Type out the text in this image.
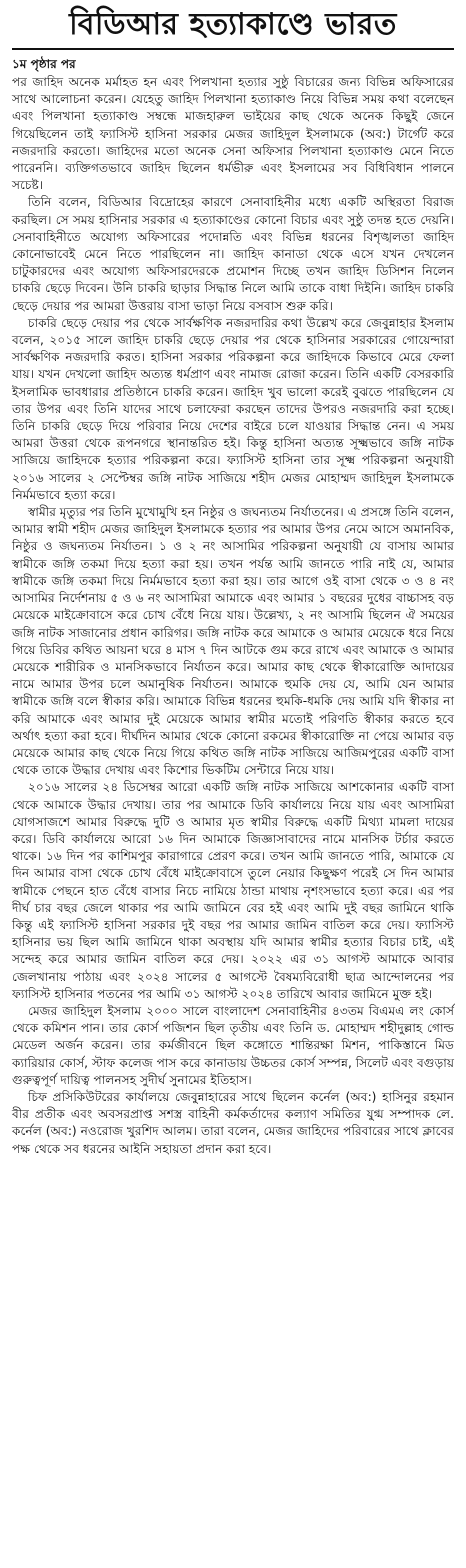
বিডিআর হত্যাকাণ্ডে ভারত
১ম পৃষ্ঠার পর

পর জাহিদ অনেক মর্মাহত হন এবং পিলখানা হত্যার সুষ্ঠু বিচারের জন্য বিভিন্ন অফিসারের সাথে আলোচনা করেন। যেহেতু জাহিদ পিলখানা হত্যাকাণ্ড নিয়ে বিভিন্ন সময় কথা বলেছেন এবং পিলখানা হত্যাকাণ্ড সম্বন্ধে মাজহারুল ভাইয়ের কাছ থেকে অনেক কিছুই জেনে গিয়েছিলেন তাই ফ্যাসিস্ট হাসিনা সরকার মেজর জাহিদুল ইসলামকে (অব:) টার্গেট করে নজরদারি করতো। জাহিদের মতো অনেক সেনা অফিসার পিলখানা হত্যাকাণ্ড মেনে নিতে পারেননি। ব্যক্তিগতভাবে জাহিদ ছিলেন ধর্মভীরু এবং ইসলামের সব বিধিবিধান পালনে সচেষ্ট।

তিনি বলেন, বিডিআর বিদ্রোহের কারণে সেনাবাহিনীর মধ্যে একটি অস্থিরতা বিরাজ করছিল। সে সময় হাসিনার সরকার এ হত্যাকাণ্ডের কোনো বিচার এবং সুষ্ঠু তদন্ত হতে দেয়নি। সেনাবাহিনীতে অযোগ্য অফিসারের পদোন্নতি এবং বিভিন্ন ধরনের বিশৃঙ্খলতা জাহিদ কোনোভাবেই মেনে নিতে পারছিলেন না। জাহিদ কানাডা থেকে এসে যখন দেখলেন চাটুকারদের এবং অযোগ্য অফিসারদেরকে প্রমোশন দিচ্ছে তখন জাহিদ ডিসিশন নিলেন চাকরি ছেড়ে দিবেন। উনি চাকরি ছাড়ার সিদ্ধান্ত নিলে আমি তাকে বাধা দিইনি। জাহিদ চাকরি ছেড়ে দেয়ার পর আমরা উত্তরায় বাসা ভাড়া নিয়ে বসবাস শুরু করি।

চাকরি ছেড়ে দেয়ার পর থেকে সার্বক্ষণিক নজরদারির কথা উল্লেখ করে জেবুন্নাহার ইসলাম বলেন, ২০১৫ সালে জাহিদ চাকরি ছেড়ে দেয়ার পর থেকে হাসিনার সরকারের গোয়েন্দারা সার্বক্ষণিক নজরদারি করত। হাসিনা সরকার পরিকল্পনা করে জাহিদকে কিভাবে মেরে ফেলা যায়। যখন দেখলো জাহিদ অত্যন্ত ধর্মপ্রাণ এবং নামাজ রোজা করেন। তিনি একটি বেসরকারি ইসলামিক ভাবধারার প্রতিষ্ঠানে চাকরি করেন। জাহিদ খুব ভালো করেই বুঝতে পারছিলেন যে তার উপর এবং তিনি যাদের সাথে চলাফেরা করছেন তাদের উপরও নজরদারি করা হচ্ছে। তিনি চাকরি ছেড়ে দিয়ে পরিবার নিয়ে দেশের বাইরে চলে যাওয়ার সিদ্ধান্ত নেন। এ সময় আমরা উত্তরা থেকে রূপনগরে স্থানান্তরিত হই। কিন্তু হাসিনা অত্যন্ত সূক্ষ্মভাবে জঙ্গি নাটক সাজিয়ে জাহিদকে হত্যার পরিকল্পনা করে। ফ্যাসিস্ট হাসিনা তার সূক্ষ্ম পরিকল্পনা অনুযায়ী ২০১৬ সালের ২ সেপ্টেম্বর জঙ্গি নাটক সাজিয়ে শহীদ মেজর মোহাম্মদ জাহিদুল ইসলামকে নির্মমভাবে হত্যা করে।

স্বামীর মৃত্যুর পর তিনি মুখোমুখি হন নিষ্ঠুর ও জঘন্যতম নির্যাতনের। এ প্রসঙ্গে তিনি বলেন, আমার স্বামী শহীদ মেজর জাহিদুল ইসলামকে হত্যার পর আমার উপর নেমে আসে অমানবিক, নিষ্ঠুর ও জঘন্যতম নির্যাতন। ১ ও ২ নং আসামির পরিকল্পনা অনুযায়ী যে বাসায় আমার স্বামীকে জঙ্গি তকমা দিয়ে হত্যা করা হয়। তখন পর্যন্ত আমি জানতে পারি নাই যে, আমার স্বামীকে জঙ্গি তকমা দিয়ে নির্মমভাবে হত্যা করা হয়। তার আগে ওই বাসা থেকে ৩ ও ৪ নং আসামির নির্দেশনায় ৫ ও ৬ নং আসামিরা আমাকে এবং আমার ১ বছরের দুধের বাচ্চাসহ বড় মেয়েকে মাইক্রোবাসে করে চোখ বেঁধে নিয়ে যায়। উল্লেখ্য, ২ নং আসামি ছিলেন ঐ সময়ের জঙ্গি নাটক সাজানোর প্রধান কারিগর। জঙ্গি নাটক করে আমাকে ও আমার মেয়েকে ধরে নিয়ে গিয়ে ডিবির কথিত আয়না ঘরে ৪ মাস ৭ দিন আটকে গুম করে রাখে এবং আমাকে ও আমার মেয়েকে শারীরিক ও মানসিকভাবে নির্যাতন করে। আমার কাছ থেকে স্বীকারোক্তি আদায়ের নামে আমার উপর চলে অমানুষিক নির্যাতন। আমাকে হুমকি দেয় যে, আমি যেন আমার স্বামীকে জঙ্গি বলে স্বীকার করি। আমাকে বিভিন্ন ধরনের হুমকি-ধমকি দেয় আমি যদি স্বীকার না করি আমাকে এবং আমার দুই মেয়েকে আমার স্বামীর মতোই পরিণতি স্বীকার করতে হবে অর্থাৎ হত্যা করা হবে। দীর্ঘদিন আমার থেকে কোনো রকমের স্বীকারোক্তি না পেয়ে আমার বড় মেয়েকে আমার কাছ থেকে নিয়ে গিয়ে কথিত জঙ্গি নাটক সাজিয়ে আজিমপুরের একটি বাসা থেকে তাকে উদ্ধার দেখায় এবং কিশোর ভিকটিম সেন্টারে নিয়ে যায়।

২০১৬ সালের ২৪ ডিসেম্বর আরো একটি জঙ্গি নাটক সাজিয়ে আশকোনার একটি বাসা থেকে আমাকে উদ্ধার দেখায়। তার পর আমাকে ডিবি কার্যালয়ে নিয়ে যায় এবং আসামিরা যোগসাজশে আমার বিরুদ্ধে দুটি ও আমার মৃত স্বামীর বিরুদ্ধে একটি মিথ্যা মামলা দায়ের করে। ডিবি কার্যালয়ে আরো ১৬ দিন আমাকে জিজ্ঞাসাবাদের নামে মানসিক টর্চার করতে থাকে। ১৬ দিন পর কাশিমপুর কারাগারে প্রেরণ করে। তখন আমি জানতে পারি, আমাকে যে দিন আমার বাসা থেকে চোখ বেঁধে মাইক্রোবাসে তুলে নেয়ার কিছুক্ষণ পরেই সে দিন আমার স্বামীকে পেছনে হাত বেঁধে বাসার নিচে নামিয়ে ঠান্ডা মাথায় নৃশংসভাবে হত্যা করে। এর পর দীর্ঘ চার বছর জেলে থাকার পর আমি জামিনে বের হই এবং আমি দুই বছর জামিনে থাকি কিন্তু এই ফ্যাসিস্ট হাসিনা সরকার দুই বছর পর আমার জামিন বাতিল করে দেয়। ফ্যাসিস্ট হাসিনার ভয় ছিল আমি জামিনে থাকা অবস্থায় যদি আমার স্বামীর হত্যার বিচার চাই, এই সন্দেহ করে আমার জামিন বাতিল করে দেয়। ২০২২ এর ৩১ আগস্ট আমাকে আবার জেলখানায় পাঠায় এবং ২০২৪ সালের ৫ আগস্টে বৈষম্যবিরোধী ছাত্র আন্দোলনের পর ফ্যাসিস্ট হাসিনার পতনের পর আমি ৩১ আগস্ট ২০২৪ তারিখে আবার জামিনে মুক্ত হই।

মেজর জাহিদুল ইসলাম ২০০০ সালে বাংলাদেশ সেনাবাহিনীর ৪৩তম বিএমএ লং কোর্স থেকে কমিশন পান। তার কোর্স পজিশন ছিল তৃতীয় এবং তিনি ড. মোহাম্মদ শহীদুল্লাহ গোল্ড মেডেল অর্জন করেন। তার কর্মজীবনে ছিল কঙ্গোতে শান্তিরক্ষা মিশন, পাকিস্তানে মিড ক্যারিয়ার কোর্স, স্টাফ কলেজ পাস করে কানাডায় উচ্চতর কোর্স সম্পন্ন, সিলেট এবং বগুড়ায় গুরুত্বপূর্ণ দায়িত্ব পালনসহ সুদীর্ঘ সুনামের ইতিহাস।

চিফ প্রসিকিউটরের কার্যালয়ে জেবুন্নাহারের সাথে ছিলেন কর্নেল (অব:) হাসিনুর রহমান বীর প্রতীক এবং অবসরপ্রাপ্ত সশস্ত্র বাহিনী কর্মকর্তাদের কল্যাণ সমিতির যুগ্ম সম্পাদক লে. কর্নেল (অব:) নওরোজ খুরশিদ আলম। তারা বলেন, মেজর জাহিদের পরিবারের সাথে ক্লাবের পক্ষ থেকে সব ধরনের আইনি সহায়তা প্রদান করা হবে।
